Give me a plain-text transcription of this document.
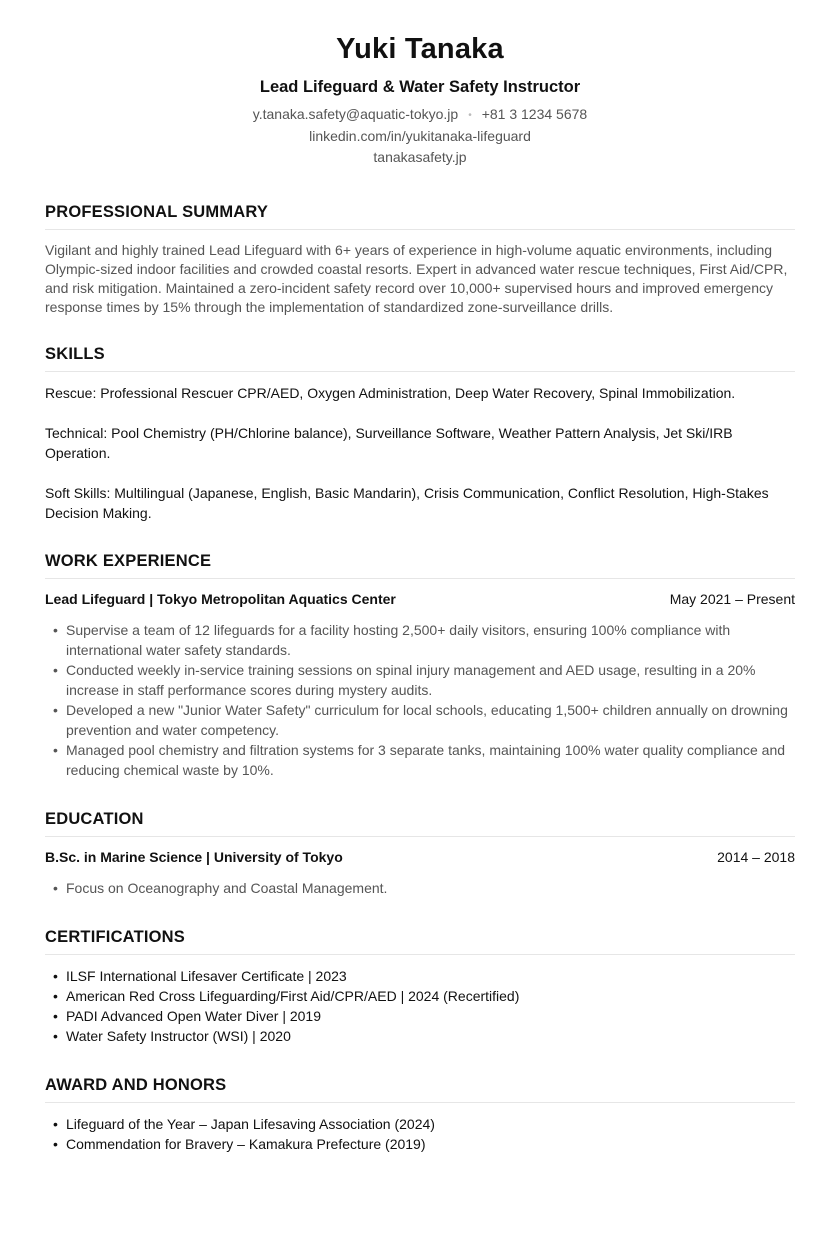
Yuki Tanaka
Lead Lifeguard & Water Safety Instructor
y.tanaka.safety@aquatic-tokyo.jp • +81 3 1234 5678
linkedin.com/in/yukitanaka-lifeguard
tanakasafety.jp
PROFESSIONAL SUMMARY
Vigilant and highly trained Lead Lifeguard with 6+ years of experience in high-volume aquatic environments, including Olympic-sized indoor facilities and crowded coastal resorts. Expert in advanced water rescue techniques, First Aid/CPR, and risk mitigation. Maintained a zero-incident safety record over 10,000+ supervised hours and improved emergency response times by 15% through the implementation of standardized zone-surveillance drills.
SKILLS
Rescue: Professional Rescuer CPR/AED, Oxygen Administration, Deep Water Recovery, Spinal Immobilization.
Technical: Pool Chemistry (PH/Chlorine balance), Surveillance Software, Weather Pattern Analysis, Jet Ski/IRB Operation.
Soft Skills: Multilingual (Japanese, English, Basic Mandarin), Crisis Communication, Conflict Resolution, High-Stakes Decision Making.
WORK EXPERIENCE
Lead Lifeguard | Tokyo Metropolitan Aquatics Center	May 2021 – Present
• Supervise a team of 12 lifeguards for a facility hosting 2,500+ daily visitors, ensuring 100% compliance with international water safety standards.
• Conducted weekly in-service training sessions on spinal injury management and AED usage, resulting in a 20% increase in staff performance scores during mystery audits.
• Developed a new "Junior Water Safety" curriculum for local schools, educating 1,500+ children annually on drowning prevention and water competency.
• Managed pool chemistry and filtration systems for 3 separate tanks, maintaining 100% water quality compliance and reducing chemical waste by 10%.
EDUCATION
B.Sc. in Marine Science | University of Tokyo	2014 – 2018
• Focus on Oceanography and Coastal Management.
CERTIFICATIONS
• ILSF International Lifesaver Certificate | 2023
• American Red Cross Lifeguarding/First Aid/CPR/AED | 2024 (Recertified)
• PADI Advanced Open Water Diver | 2019
• Water Safety Instructor (WSI) | 2020
AWARD AND HONORS
• Lifeguard of the Year – Japan Lifesaving Association (2024)
• Commendation for Bravery – Kamakura Prefecture (2019)
